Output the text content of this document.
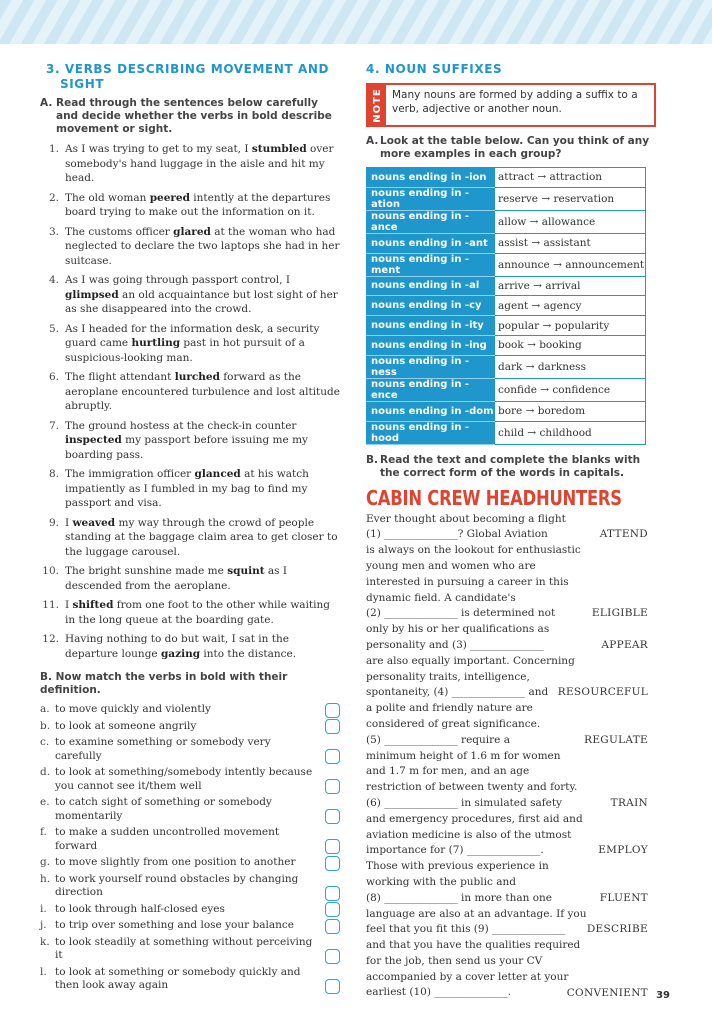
3. VERBS DESCRIBING MOVEMENT AND
SIGHT
A. Read through the sentences below carefully and decide whether the verbs in bold describe movement or sight.
1. As I was trying to get to my seat, I stumbled over somebody's hand luggage in the aisle and hit my head.
2. The old woman peered intently at the departures board trying to make out the information on it.
3. The customs officer glared at the woman who had neglected to declare the two laptops she had in her suitcase.
4. As I was going through passport control, I glimpsed an old acquaintance but lost sight of her as she disappeared into the crowd.
5. As I headed for the information desk, a security guard came hurtling past in hot pursuit of a suspicious-looking man.
6. The flight attendant lurched forward as the aeroplane encountered turbulence and lost altitude abruptly.
7. The ground hostess at the check-in counter inspected my passport before issuing me my boarding pass.
8. The immigration officer glanced at his watch impatiently as I fumbled in my bag to find my passport and visa.
9. I weaved my way through the crowd of people standing at the baggage claim area to get closer to the luggage carousel.
10. The bright sunshine made me squint as I descended from the aeroplane.
11. I shifted from one foot to the other while waiting in the long queue at the boarding gate.
12. Having nothing to do but wait, I sat in the departure lounge gazing into the distance.
B. Now match the verbs in bold with their definition.
a. to move quickly and violently
b. to look at someone angrily
c. to examine something or somebody very carefully
d. to look at something/somebody intently because you cannot see it/them well
e. to catch sight of something or somebody momentarily
f. to make a sudden uncontrolled movement forward
g. to move slightly from one position to another
h. to work yourself round obstacles by changing direction
i. to look through half-closed eyes
j. to trip over something and lose your balance
k. to look steadily at something without perceiving it
l. to look at something or somebody quickly and then look away again
4. NOUN SUFFIXES
NOTE Many nouns are formed by adding a suffix to a verb, adjective or another noun.
A. Look at the table below. Can you think of any more examples in each group?
nouns ending in -ion	attract → attraction
nouns ending in -ation	reserve → reservation
nouns ending in -ance	allow → allowance
nouns ending in -ant	assist → assistant
nouns ending in -ment	announce → announcement
nouns ending in -al	arrive → arrival
nouns ending in -cy	agent → agency
nouns ending in -ity	popular → popularity
nouns ending in -ing	book → booking
nouns ending in -ness	dark → darkness
nouns ending in -ence	confide → confidence
nouns ending in -dom	bore → boredom
nouns ending in -hood	child → childhood
B. Read the text and complete the blanks with the correct form of the words in capitals.
CABIN CREW HEADHUNTERS
Ever thought about becoming a flight
(1) ______________? Global Aviation
is always on the lookout for enthusiastic
young men and women who are
interested in pursuing a career in this
dynamic field. A candidate's
(2) ______________ is determined not
only by his or her qualifications as
personality and (3) ______________
are also equally important. Concerning
personality traits, intelligence,
spontaneity, (4) ______________ and
a polite and friendly nature are
considered of great significance.
(5) ______________ require a
minimum height of 1.6 m for women
and 1.7 m for men, and an age
restriction of between twenty and forty.
(6) ______________ in simulated safety
and emergency procedures, first aid and
aviation medicine is also of the utmost
importance for (7) ______________.
Those with previous experience in
working with the public and
(8) ______________ in more than one
language are also at an advantage. If you
feel that you fit this (9) ______________
and that you have the qualities required
for the job, then send us your CV
accompanied by a cover letter at your
earliest (10) ______________.
ATTEND
ELIGIBLE
APPEAR
RESOURCEFUL
REGULATE
TRAIN
EMPLOY
FLUENT
DESCRIBE
CONVENIENT 39
